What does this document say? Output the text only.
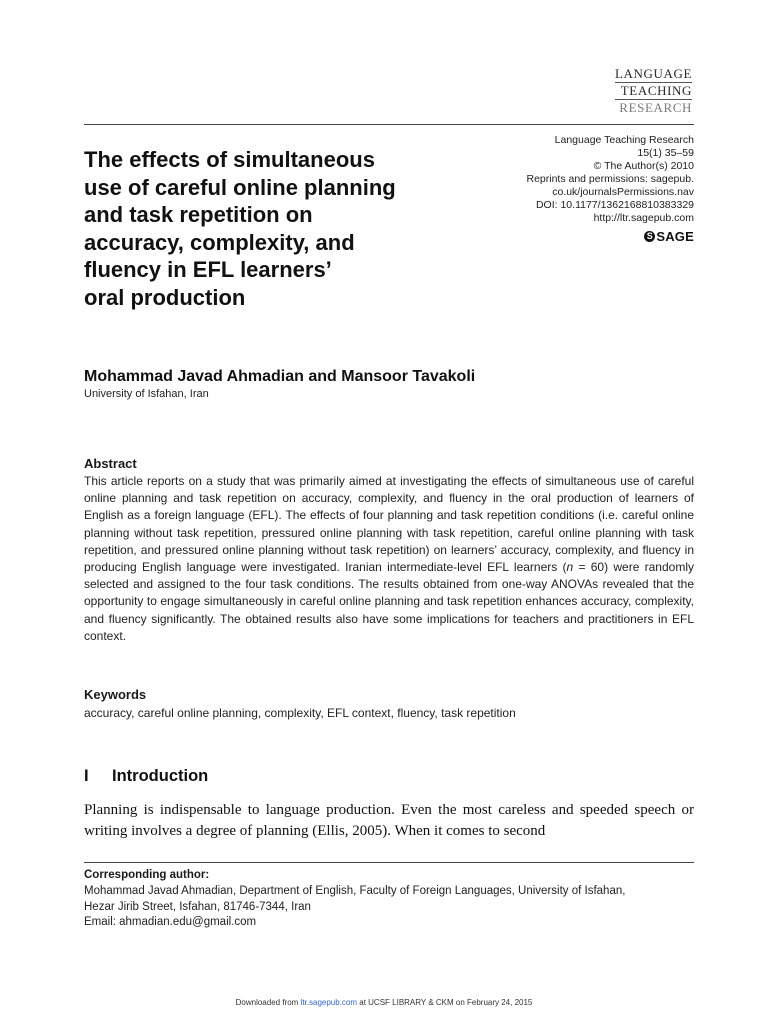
LANGUAGE
TEACHING
RESEARCH
Language Teaching Research
15(1) 35–59
© The Author(s) 2010
Reprints and permissions: sagepub.
co.uk/journalsPermissions.nav
DOI: 10.1177/1362168810383329
http://ltr.sagepub.com
S SAGE
The effects of simultaneous
use of careful online planning
and task repetition on
accuracy, complexity, and
fluency in EFL learners’
oral production
Mohammad Javad Ahmadian and Mansoor Tavakoli
University of Isfahan, Iran
Abstract

This article reports on a study that was primarily aimed at investigating the effects of simultaneous use of careful online planning and task repetition on accuracy, complexity, and fluency in the oral production of learners of English as a foreign language (EFL). The effects of four planning and task repetition conditions (i.e. careful online planning without task repetition, pressured online planning with task repetition, careful online planning with task repetition, and pressured online planning without task repetition) on learners’ accuracy, complexity, and fluency in producing English language were investigated. Iranian intermediate-level EFL learners (n = 60) were randomly selected and assigned to the four task conditions. The results obtained from one-way ANOVAs revealed that the opportunity to engage simultaneously in careful online planning and task repetition enhances accuracy, complexity, and fluency significantly. The obtained results also have some implications for teachers and practitioners in EFL context.

Keywords
accuracy, careful online planning, complexity, EFL context, fluency, task repetition
I Introduction

Planning is indispensable to language production. Even the most careless and speeded speech or writing involves a degree of planning (Ellis, 2005). When it comes to second

Corresponding author:
Mohammad Javad Ahmadian, Department of English, Faculty of Foreign Languages, University of Isfahan,
Hezar Jirib Street, Isfahan, 81746-7344, Iran
Email: ahmadian.edu@gmail.com
Downloaded from ltr.sagepub.com at UCSF LIBRARY & CKM on February 24, 2015
